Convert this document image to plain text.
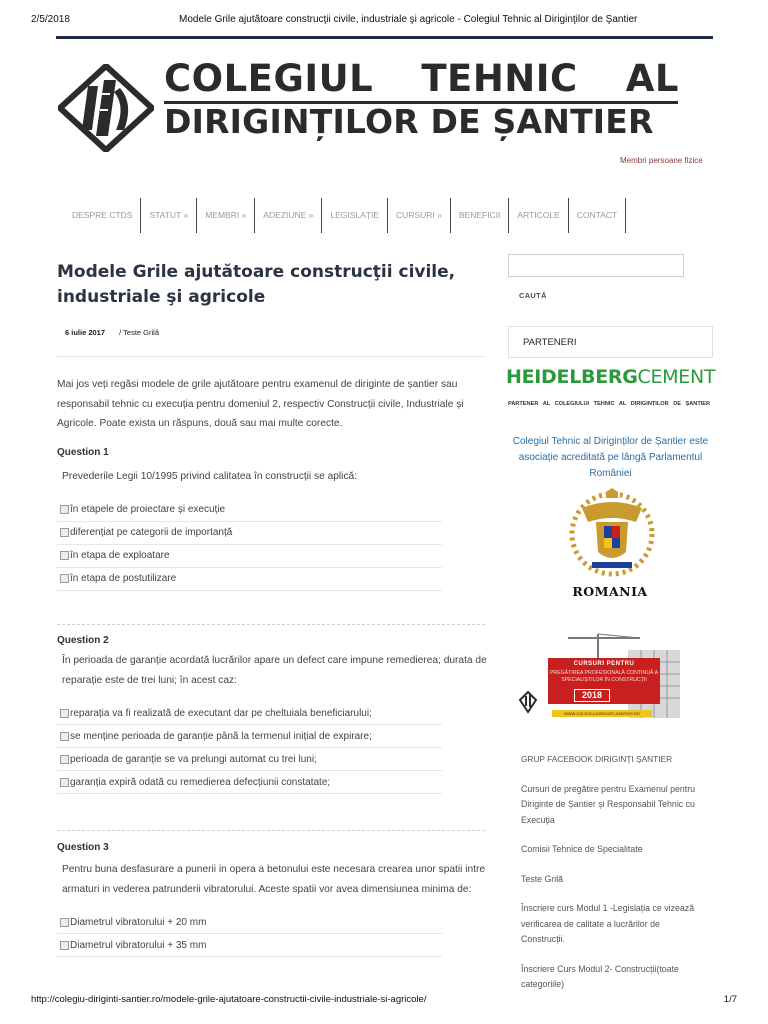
2/5/2018	Modele Grile ajutătoare construcţii civile, industriale şi agricole - Colegiul Tehnic al Diriginţilor de Şantier
COLEGIUL TEHNIC AL
DIRIGINȚILOR DE ȘANTIER
Membri persoane fizice
DESPRE CTDS	STATUT »	MEMBRI »	ADEZIUNE »	LEGISLAȚIE	CURSURI »	BENEFICII	ARTICOLE	CONTACT
Modele Grile ajutătoare construcţii civile, industriale şi agricole
6 iulie 2017 / Teste Grilă

Mai jos veți regăsi modele de grile ajutătoare pentru examenul de diriginte de șantier sau responsabil tehnic cu execuția pentru domeniul 2, respectiv Construcții civile, Industriale și Agricole. Poate exista un răspuns, două sau mai multe corecte.

Question 1
Prevederile Legii 10/1995 privind calitatea în construcții se aplică:
în etapele de proiectare și execuție
diferențiat pe categorii de importanță
în etapa de exploatare
în etapa de postutilizare
Question 2
În perioada de garanție acordată lucrărilor apare un defect care impune remedierea; durata de reparație este de trei luni; în acest caz:
reparația va fi realizată de executant dar pe cheltuiala beneficiarului;
se menține perioada de garanție până la termenul inițial de expirare;
perioada de garanție se va prelungi automat cu trei luni;
garanția expiră odată cu remedierea defecțiunii constatate;
Question 3
Pentru buna desfasurare a punerii in opera a betonului este necesara crearea unor spatii intre armaturi in vederea patrunderii vibratorului. Aceste spatii vor avea dimensiunea minima de:
Diametrul vibratorului + 20 mm
Diametrul vibratorului + 35 mm
CAUTĂ
PARTENERI
HEIDELBERGCEMENT
PARTENER AL COLEGIULUI TEHNIC AL DIRIGINȚILOR DE ȘANTIER
Colegiul Tehnic al Diriginților de Șantier este asociație acreditată pe lângă Parlamentul României
ROMANIA
CURSURI PENTRU
PREGĂTIREA PROFESIONALĂ CONTINUĂ A SPECIALIȘTILOR ÎN CONSTRUCȚII
2018
WWW.COLEGIU-DIRIGINTI-SANTIER.RO
GRUP FACEBOOK DIRIGINȚI ȘANTIER
Cursuri de pregătire pentru Examenul pentru Diriginte de Șantier și Responsabil Tehnic cu Execuția
Comisii Tehnice de Specialitate
Teste Grilă
Înscriere curs Modul 1 -Legislația ce vizează verificarea de calitate a lucrărilor de Construcții.
Înscriere Curs Modul 2- Construcții(toate categoriile)
http://colegiu-diriginti-santier.ro/modele-grile-ajutatoare-constructii-civile-industriale-si-agricole/	1/7
